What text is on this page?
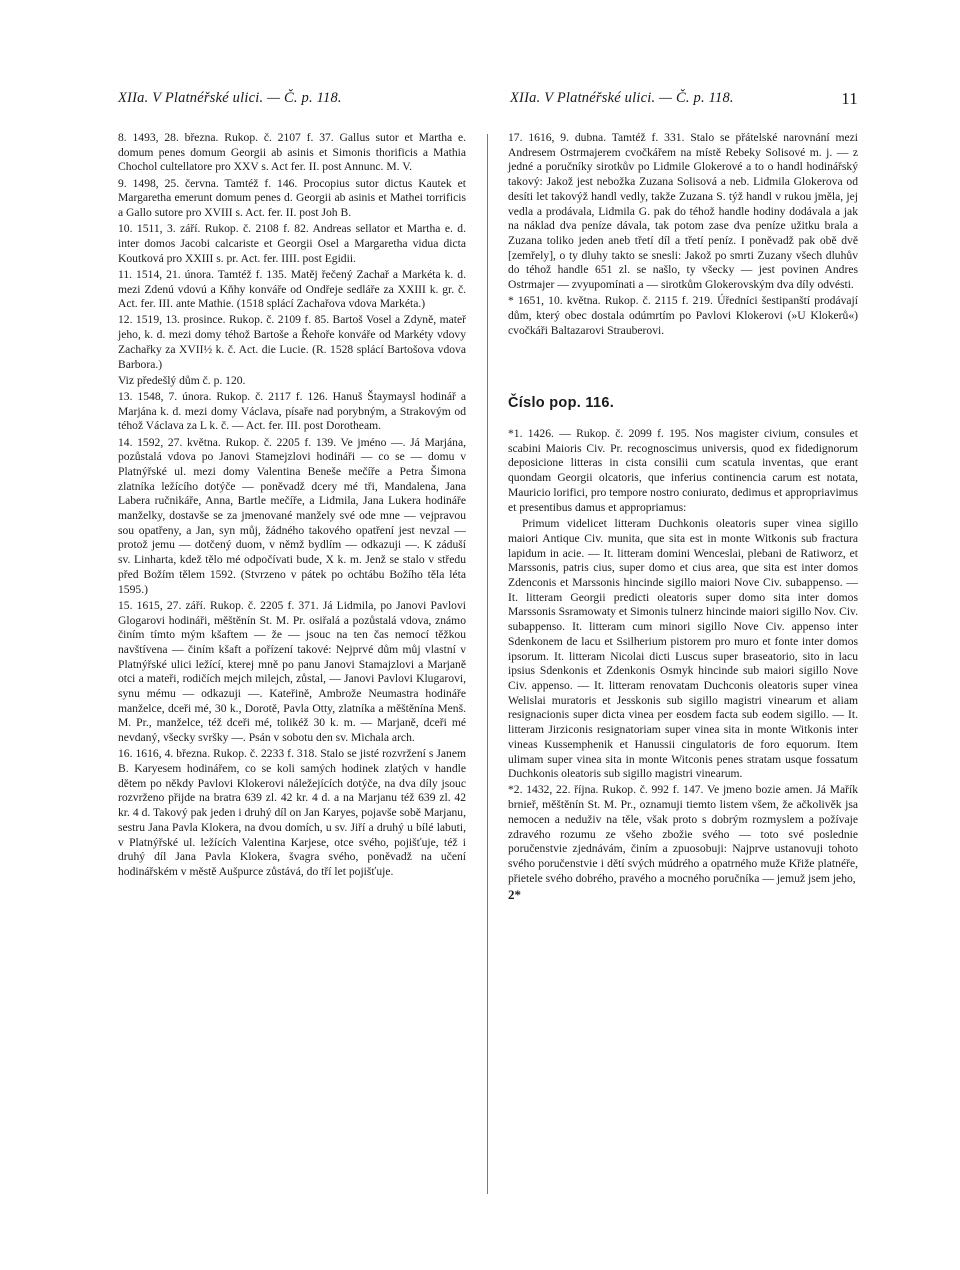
XIIa. V Platnéřské ulici. — Č. p. 118.	XIIa. V Platnéřské ulici. — Č. p. 118.	11

8. 1493, 28. března. Rukop. č. 2107 f. 37. Gallus sutor et Martha e. domum penes domum Georgii ab asinis et Simonis thorificis a Mathia Chochol cultellatore pro XXV s. Act fer. II. post Annunc. M. V.

9. 1498, 25. června. Tamtéž f. 146. Procopius sutor dictus Kautek et Margaretha emerunt domum penes d. Georgii ab asinis et Mathei torrificis a Gallo sutore pro XVIII s. Act. fer. II. post Joh B.

10. 1511, 3. září. Rukop. č. 2108 f. 82. Andreas sellator et Martha e. d. inter domos Jacobi calcariste et Georgii Osel a Margaretha vidua dicta Koutková pro XXIII s. pr. Act. fer. IIII. post Egidii.

11. 1514, 21. února. Tamtéž f. 135. Matěj řečený Zachař a Markéta k. d. mezi Zdenú vdovú a Kňhy konváře od Ondřeje sedláře za XXIII k. gr. č. Act. fer. III. ante Mathie. (1518 splácí Zachařova vdova Markéta.)

12. 1519, 13. prosince. Rukop. č. 2109 f. 85. Bartoš Vosel a Zdyně, mateř jeho, k. d. mezi domy téhož Bartoše a Řehoře konváře od Markéty vdovy Zachařky za XVII½ k. č. Act. die Lucie. (R. 1528 splácí Bartošova vdova Barbora.)

Viz předešlý dům č. p. 120.

13. 1548, 7. února. Rukop. č. 2117 f. 126. Hanuš Štaymaysl hodinář a Marjána k. d. mezi domy Václava, písaře nad porybným, a Strakovým od téhož Václava za L k. č. — Act. fer. III. post Dorotheam.

14. 1592, 27. května. Rukop. č. 2205 f. 139. Ve jméno —. Já Marjána, pozůstalá vdova po Janovi Stamejzlovi hodináři — co se — domu v Platnýřské ul. mezi domy Valentina Beneše mečíře a Petra Šimona zlatníka ležícího dotýče — poněvadž dcery mé tři, Mandalena, Jana Labera ručnikáře, Anna, Bartle mečíře, a Lidmila, Jana Lukera hodináře manželky, dostavše se za jmenované manžely své ode mne — vejpravou sou opatřeny, a Jan, syn můj, žádného takového opatření jest nevzal — protož jemu — dotčený duom, v němž bydlím — odkazuji —. K záduší sv. Linharta, kdež tělo mé odpočívati bude, X k. m. Jenž se stalo v středu před Božím tělem 1592. (Stvrzeno v pátek po ochtábu Božího těla léta 1595.)

15. 1615, 27. září. Rukop. č. 2205 f. 371. Já Lidmila, po Janovi Pavlovi Glogarovi hodináři, měštěnín St. M. Pr. osiřalá a pozůstalá vdova, známo činím tímto mým kšaftem — že — jsouc na ten čas nemocí těžkou navštívena — činím kšaft a pořízení takové: Nejprvé dům můj vlastní v Platnýřské ulici ležící, kterej mně po panu Janovi Stamajzlovi a Marjaně otci a mateři, rodičích mejch milejch, zůstal, — Janovi Pavlovi Klugarovi, synu mému — odkazuji —. Kateřině, Ambrože Neumastra hodináře manželce, dceři mé, 30 k., Dorotě, Pavla Otty, zlatníka a měštěnína Menš. M. Pr., manželce, též dceři mé, tolikéž 30 k. m. — Marjaně, dceři mé nevdaný, všecky svršky —. Psán v sobotu den sv. Michala arch.

16. 1616, 4. března. Rukop. č. 2233 f. 318. Stalo se jisté rozvržení s Janem B. Karyesem hodinářem, co se koli samých hodinek zlatých v handle dětem po někdy Pavlovi Klokerovi náležejících dotýče, na dva díly jsouc rozvrženo přijde na bratra 639 zl. 42 kr. 4 d. a na Marjanu též 639 zl. 42 kr. 4 d. Takový pak jeden i druhý díl on Jan Karyes, pojavše sobě Marjanu, sestru Jana Pavla Klokera, na dvou domích, u sv. Jiří a druhý u bílé labuti, v Platnýřské ul. ležících Valentina Karjese, otce svého, pojišťuje, též i druhý díl Jana Pavla Klokera, švagra svého, poněvadž na učení hodinářském v městě Aušpurce zůstává, do tří let pojišťuje.

17. 1616, 9. dubna. Tamtéž f. 331. Stalo se přátelské narovnání mezi Andresem Ostrmajerem cvočkářem na místě Rebeky Solisové m. j. — z jedné a poručníky sirotkův po Lidmile Glokerové a to o handl hodinářský takový: Jakož jest nebožka Zuzana Solisová a neb. Lidmila Glokerova od desíti let takovýž handl vedly, takže Zuzana S. týž handl v rukou jměla, jej vedla a prodávala, Lidmila G. pak do téhož handle hodiny dodávala a jak na náklad dva peníze dávala, tak potom zase dva peníze užitku brala a Zuzana toliko jeden aneb třetí díl a třetí peníz. I poněvadž pak obě dvě [zemřely], o ty dluhy takto se snesli: Jakož po smrti Zuzany všech dluhův do téhož handle 651 zl. se našlo, ty všecky — jest povinen Andres Ostrmajer — zvyupomínati a — sirotkům Glokerovským dva díly odvésti.

* 1651, 10. května. Rukop. č. 2115 f. 219. Úředníci šestipanští prodávají dům, který obec dostala odúmrtím po Pavlovi Klokerovi (»U Klokerů«) cvočkáři Baltazarovi Strauberovi.

Číslo pop. 116.

*1. 1426. — Rukop. č. 2099 f. 195. Nos magister civium, consules et scabini Maioris Civ. Pr. recognoscimus universis, quod ex fidedignorum deposicione litteras in cista consilii cum scatula inventas, que erant quondam Georgii olcatoris, que inferius continencia carum est notata, Mauricio lorifici, pro tempore nostro coniurato, dedimus et appropriavimus et presentibus damus et appropriamus:

Primum videlicet litteram Duchkonis oleatoris super vinea sigillo maiori Antique Civ. munita, que sita est in monte Witkonis sub fractura lapidum in acie. — It. litteram domini Wenceslai, plebani de Ratiworz, et Marssonis, patris cius, super domo et cius area, que sita est inter domos Zdenconis et Marssonis hincinde sigillo maiori Nove Civ. subappenso. — It. litteram Georgii predicti oleatoris super domo sita inter domos Marssonis Ssramowaty et Simonis tulnerz hincinde maiori sigillo Nov. Civ. subappenso. It. litteram cum minori sigillo Nove Civ. appenso inter Sdenkonem de lacu et Ssilherium pistorem pro muro et fonte inter domos ipsorum. It. litteram Nicolai dicti Luscus super braseatorio, sito in lacu ipsius Sdenkonis et Zdenkonis Osmyk hincinde sub maiori sigillo Nove Civ. appenso. — It. litteram renovatam Duchconis oleatoris super vinea Welislai muratoris et Jesskonis sub sigillo magistri vinearum et aliam resignacionis super dicta vinea per eosdem facta sub eodem sigillo. — It. litteram Jirziconis resignatoriam super vinea sita in monte Witkonis inter vineas Kussemphenik et Hanussii cingulatoris de foro equorum. Item ulimam super vinea sita in monte Witconis penes stratam usque fossatum Duchkonis oleatoris sub sigillo magistri vinearum.

*2. 1432, 22. října. Rukop. č. 992 f. 147. Ve jmeno bozie amen. Já Mařík brnieř, měštěnín St. M. Pr., oznamuji tiemto listem všem, že ačkolivěk jsa nemocen a neduživ na těle, však proto s dobrým rozmyslem a požívaje zdravého rozumu ze všeho zbožie svého — toto své poslednie poručenstvie zjednávám, činím a zpuosobuji: Najprve ustanovuji tohoto svého poručenstvie i dětí svých múdrého a opatrného muže Křiže platnéře, přietele svého dobrého, pravého a mocného poručníka — jemuž jsem jeho,

2*
